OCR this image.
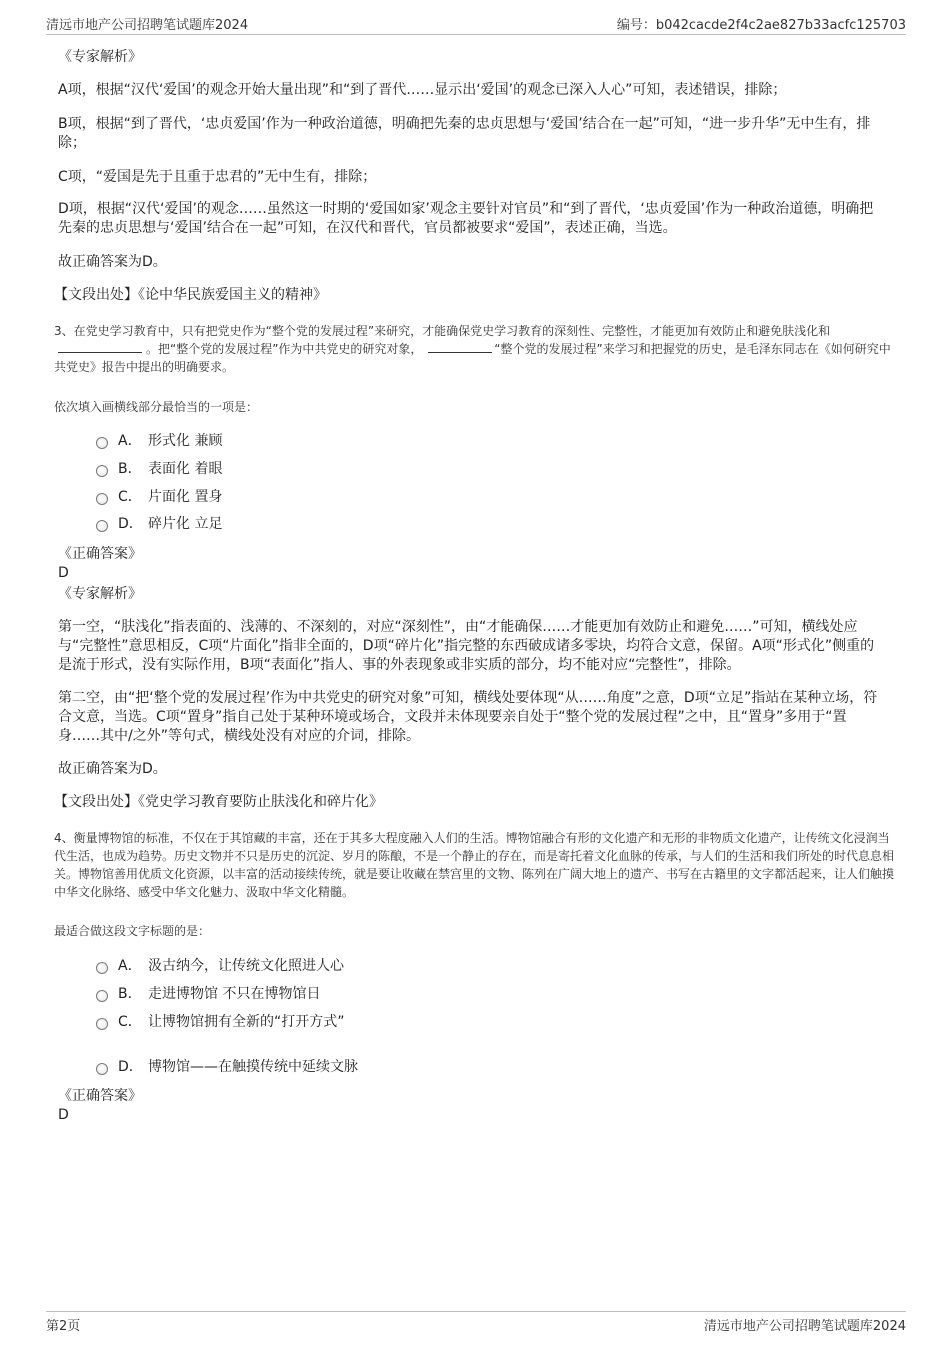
清远市地产公司招聘笔试题库2024	编号：b042cacde2f4c2ae827b33acfc125703
《专家解析》
A项，根据“汉代‘爱国’的观念开始大量出现”和“到了晋代……显示出‘爱国’的观念已深入人心”可知，表述错误，排除；
B项，根据“到了晋代，‘忠贞爱国’作为一种政治道德，明确把先秦的忠贞思想与‘爱国’结合在一起”可知，“进一步升华”无中生有，排除；
C项，“爱国是先于且重于忠君的”无中生有，排除；
D项，根据“汉代‘爱国’的观念……虽然这一时期的‘爱国如家’观念主要针对官员”和“到了晋代，‘忠贞爱国’作为一种政治道德，明确把先秦的忠贞思想与‘爱国’结合在一起”可知，在汉代和晋代，官员都被要求“爱国”，表述正确，当选。
故正确答案为D。
【文段出处】《论中华民族爱国主义的精神》
3、在党史学习教育中，只有把党史作为“整个党的发展过程”来研究，才能确保党史学习教育的深刻性、完整性，才能更加有效防止和避免肤浅化和 。把“整个党的发展过程”作为中共党史的研究对象，	“整个党的发展过程”来学习和把握党的历史，是毛泽东同志在《如何研究中共党史》报告中提出的明确要求。
依次填入画横线部分最恰当的一项是：
A． 形式化 兼顾
B． 表面化 着眼
C． 片面化 置身
D． 碎片化 立足
《正确答案》
D
《专家解析》
第一空，“肤浅化”指表面的、浅薄的、不深刻的，对应“深刻性”，由“才能确保……才能更加有效防止和避免……”可知，横线处应与“完整性”意思相反，C项“片面化”指非全面的，D项“碎片化”指完整的东西破成诸多零块，均符合文意，保留。A项“形式化”侧重的是流于形式，没有实际作用，B项“表面化”指人、事的外表现象或非实质的部分，均不能对应“完整性”，排除。
第二空，由“把‘整个党的发展过程’作为中共党史的研究对象”可知，横线处要体现“从……角度”之意，D项“立足”指站在某种立场，符合文意，当选。C项“置身”指自己处于某种环境或场合，文段并未体现要亲自处于“整个党的发展过程”之中，且“置身”多用于“置身……其中/之外”等句式，横线处没有对应的介词，排除。
故正确答案为D。
【文段出处】《党史学习教育要防止肤浅化和碎片化》
4、衡量博物馆的标准，不仅在于其馆藏的丰富，还在于其多大程度融入人们的生活。博物馆融合有形的文化遗产和无形的非物质文化遗产，让传统文化浸润当代生活，也成为趋势。历史文物并不只是历史的沉淀、岁月的陈酿，不是一个静止的存在，而是寄托着文化血脉的传承，与人们的生活和我们所处的时代息息相关。博物馆善用优质文化资源，以丰富的活动接续传统，就是要让收藏在禁宫里的文物、陈列在广阔大地上的遗产、书写在古籍里的文字都活起来，让人们触摸中华文化脉络、感受中华文化魅力、汲取中华文化精髓。
最适合做这段文字标题的是：
A． 汲古纳今，让传统文化照进人心
B． 走进博物馆 不只在博物馆日
C． 让博物馆拥有全新的“打开方式”
D． 博物馆——在触摸传统中延续文脉
《正确答案》
D
第2页	清远市地产公司招聘笔试题库2024
